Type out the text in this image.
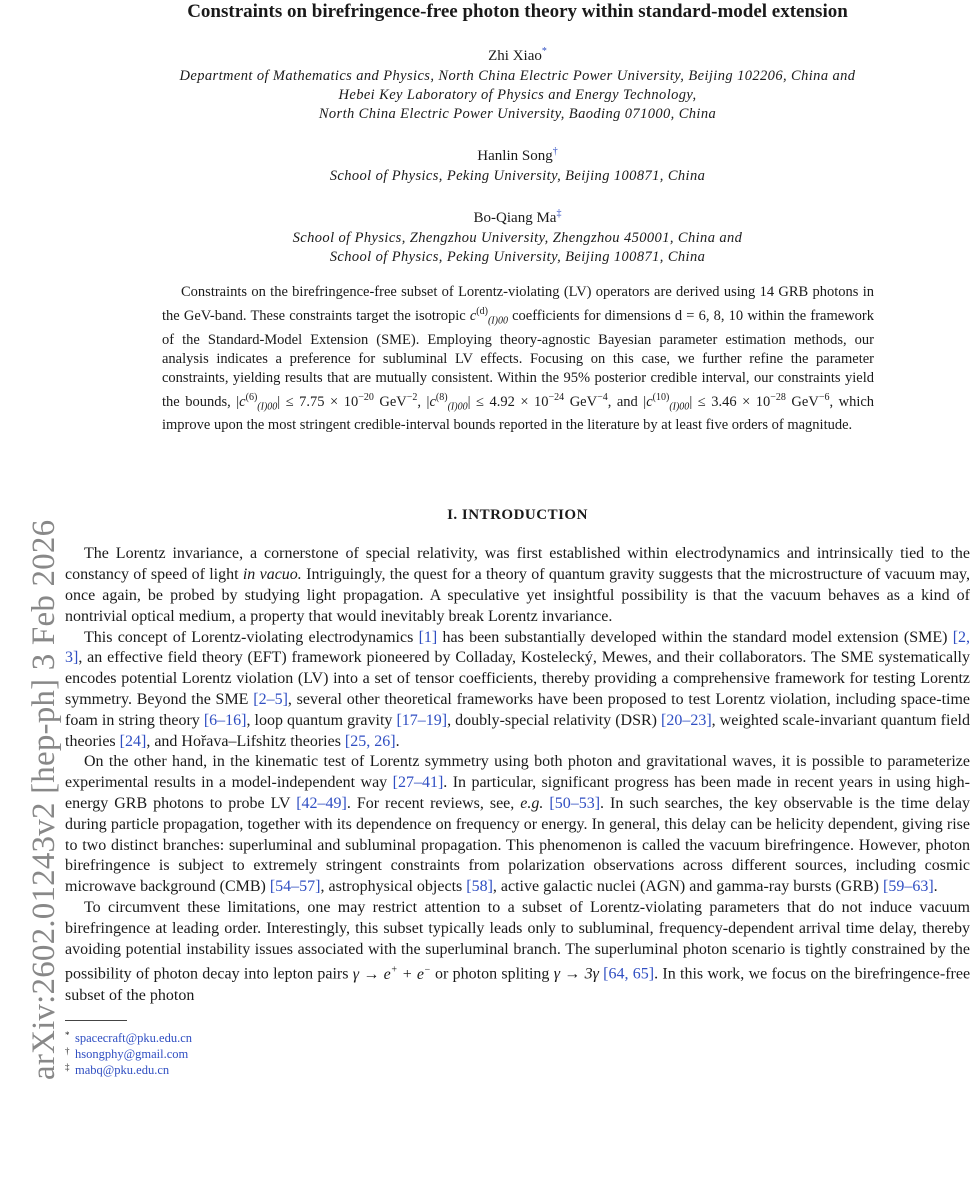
arXiv:2602.01243v2 [hep-ph] 3 Feb 2026
Constraints on birefringence-free photon theory within standard-model extension
Zhi Xiao*
Department of Mathematics and Physics, North China Electric Power University, Beijing 102206, China and
Hebei Key Laboratory of Physics and Energy Technology,
North China Electric Power University, Baoding 071000, China
Hanlin Song†
School of Physics, Peking University, Beijing 100871, China
Bo-Qiang Ma‡
School of Physics, Zhengzhou University, Zhengzhou 450001, China and
School of Physics, Peking University, Beijing 100871, China

Constraints on the birefringence-free subset of Lorentz-violating (LV) operators are derived using 14 GRB photons in the GeV-band. These constraints target the isotropic $c^{(d)}_{(I)00}$ coefficients for dimensions d = 6, 8, 10 within the framework of the Standard-Model Extension (SME). Employing theory-agnostic Bayesian parameter estimation methods, our analysis indicates a preference for subluminal LV effects. Focusing on this case, we further refine the parameter constraints, yielding results that are mutually consistent. Within the 95% posterior credible interval, our constraints yield the bounds, $|c^{(6)}_{(I)00}| \le 7.75 \times 10^{-20}$ GeV$^{-2}$, $|c^{(8)}_{(I)00}| \le 4.92 \times 10^{-24}$ GeV$^{-4}$, and $|c^{(10)}_{(I)00}| \le 3.46 \times 10^{-28}$ GeV$^{-6}$, which improve upon the most stringent credible-interval bounds reported in the literature by at least five orders of magnitude.

I. INTRODUCTION

The Lorentz invariance, a cornerstone of special relativity, was first established within electrodynamics and intrinsically tied to the constancy of speed of light in vacuo. Intriguingly, the quest for a theory of quantum gravity suggests that the microstructure of vacuum may, once again, be probed by studying light propagation. A speculative yet insightful possibility is that the vacuum behaves as a kind of nontrivial optical medium, a property that would inevitably break Lorentz invariance.

This concept of Lorentz-violating electrodynamics [1] has been substantially developed within the standard model extension (SME) [2, 3], an effective field theory (EFT) framework pioneered by Colladay, Kostelecký, Mewes, and their collaborators. The SME systematically encodes potential Lorentz violation (LV) into a set of tensor coefficients, thereby providing a comprehensive framework for testing Lorentz symmetry. Beyond the SME [2–5], several other theoretical frameworks have been proposed to test Lorentz violation, including space-time foam in string theory [6–16], loop quantum gravity [17–19], doubly-special relativity (DSR) [20–23], weighted scale-invariant quantum field theories [24], and Hořava–Lifshitz theories [25, 26].

On the other hand, in the kinematic test of Lorentz symmetry using both photon and gravitational waves, it is possible to parameterize experimental results in a model-independent way [27–41]. In particular, significant progress has been made in recent years in using high-energy GRB photons to probe LV [42–49]. For recent reviews, see, e.g. [50–53]. In such searches, the key observable is the time delay during particle propagation, together with its dependence on frequency or energy. In general, this delay can be helicity dependent, giving rise to two distinct branches: superluminal and subluminal propagation. This phenomenon is called the vacuum birefringence. However, photon birefringence is subject to extremely stringent constraints from polarization observations across different sources, including cosmic microwave background (CMB) [54–57], astrophysical objects [58], active galactic nuclei (AGN) and gamma-ray bursts (GRB) [59–63].

To circumvent these limitations, one may restrict attention to a subset of Lorentz-violating parameters that do not induce vacuum birefringence at leading order. Interestingly, this subset typically leads only to subluminal, frequency-dependent arrival time delay, thereby avoiding potential instability issues associated with the superluminal branch. The superluminal photon scenario is tightly constrained by the possibility of photon decay into lepton pairs γ → e+ + e− or photon spliting γ → 3γ [64, 65]. In this work, we focus on the birefringence-free subset of the photon

* spacecraft@pku.edu.cn
† hsongphy@gmail.com
‡ mabq@pku.edu.cn
